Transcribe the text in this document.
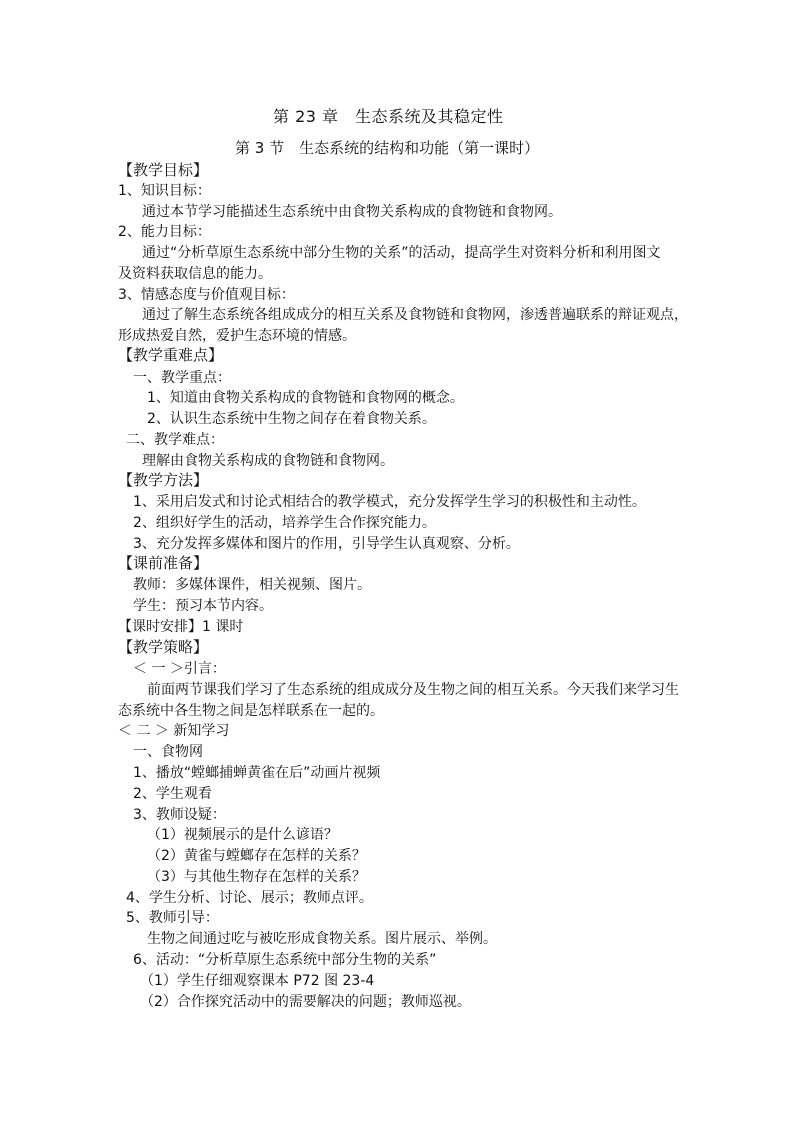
第 23 章　生态系统及其稳定性
第 3 节　生态系统的结构和功能（第一课时）
【教学目标】
1、知识目标：
通过本节学习能描述生态系统中由食物关系构成的食物链和食物网。
2、能力目标：
通过“分析草原生态系统中部分生物的关系”的活动，提高学生对资料分析和利用图文
及资料获取信息的能力。
3、情感态度与价值观目标：
通过了解生态系统各组成成分的相互关系及食物链和食物网，渗透普遍联系的辩证观点，
形成热爱自然，爱护生态环境的情感。
【教学重难点】
一、教学重点：
1、知道由食物关系构成的食物链和食物网的概念。
2、认识生态系统中生物之间存在着食物关系。
二、教学难点：
理解由食物关系构成的食物链和食物网。
【教学方法】
1、采用启发式和讨论式相结合的教学模式，充分发挥学生学习的积极性和主动性。
2、组织好学生的活动，培养学生合作探究能力。
3、充分发挥多媒体和图片的作用，引导学生认真观察、分析。
【课前准备】
教师：多媒体课件，相关视频、图片。
学生：预习本节内容。
【课时安排】1 课时
【教学策略】
＜ 一 ＞引言：
前面两节课我们学习了生态系统的组成成分及生物之间的相互关系。今天我们来学习生
态系统中各生物之间是怎样联系在一起的。
＜ 二 ＞ 新知学习
一、食物网
1、播放“螳螂捕蝉黄雀在后”动画片视频
2、学生观看
3、教师设疑：
（1）视频展示的是什么谚语？
（2）黄雀与螳螂存在怎样的关系？
（3）与其他生物存在怎样的关系？
4、学生分析、讨论、展示；教师点评。
5、教师引导：
生物之间通过吃与被吃形成食物关系。图片展示、举例。
6、活动：“分析草原生态系统中部分生物的关系”
（1）学生仔细观察课本 P72 图 23-4
（2）合作探究活动中的需要解决的问题；教师巡视。
